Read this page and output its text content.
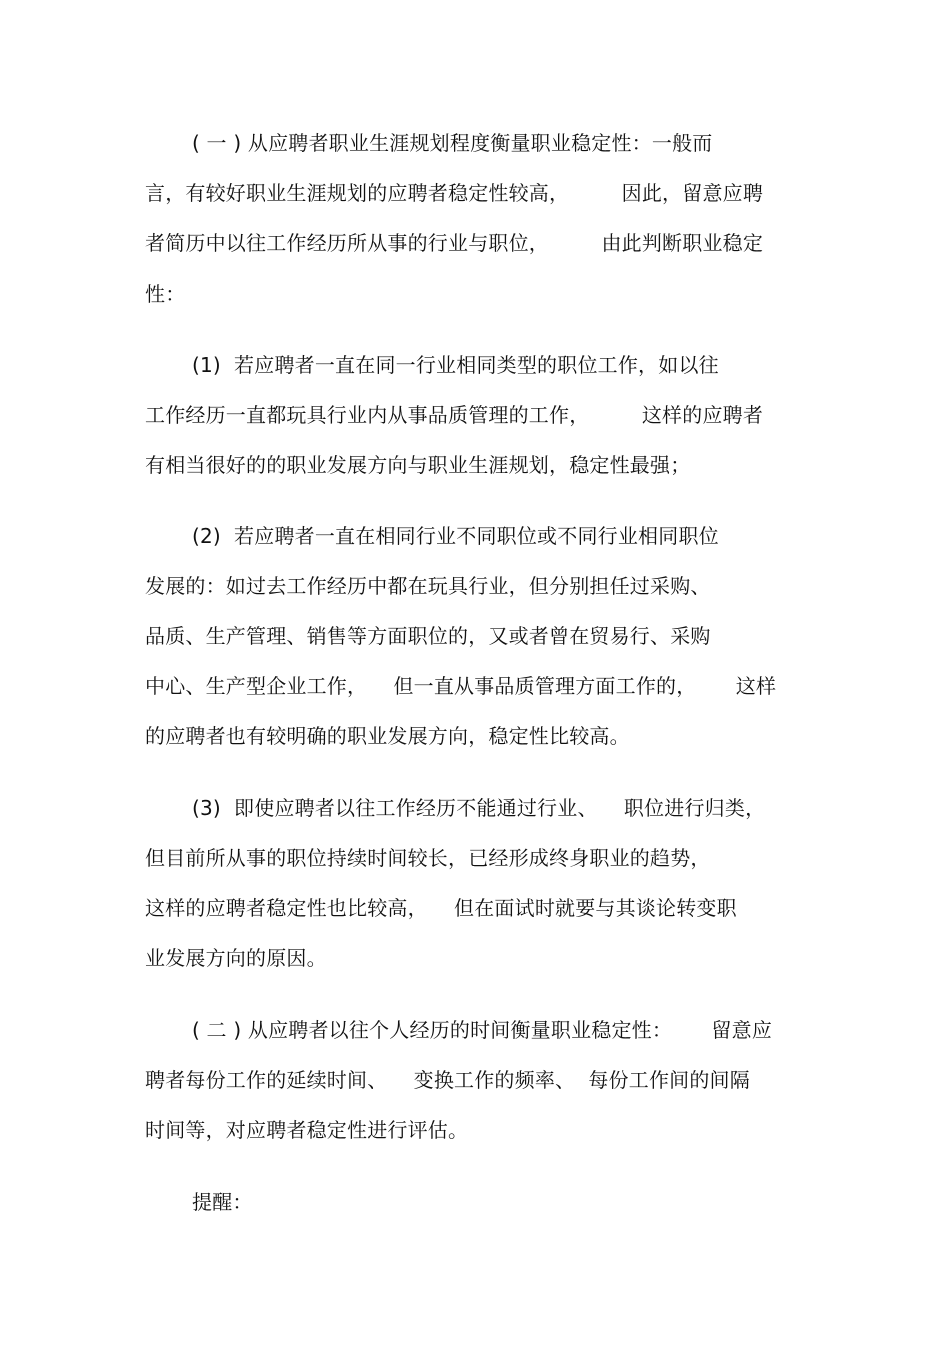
( 一 ) 从应聘者职业生涯规划程度衡量职业稳定性：一般而
言，有较好职业生涯规划的应聘者稳定性较高，        因此，留意应聘
者简历中以往工作经历所从事的行业与职位，        由此判断职业稳定
性：
(1)  若应聘者一直在同一行业相同类型的职位工作，如以往
工作经历一直都玩具行业内从事品质管理的工作，        这样的应聘者
有相当很好的的职业发展方向与职业生涯规划，稳定性最强；
(2)  若应聘者一直在相同行业不同职位或不同行业相同职位
发展的：如过去工作经历中都在玩具行业，但分别担任过采购、
品质、生产管理、销售等方面职位的，又或者曾在贸易行、采购
中心、生产型企业工作，    但一直从事品质管理方面工作的，      这样
的应聘者也有较明确的职业发展方向，稳定性比较高。
(3)  即使应聘者以往工作经历不能通过行业、    职位进行归类，
但目前所从事的职位持续时间较长，已经形成终身职业的趋势，
这样的应聘者稳定性也比较高，    但在面试时就要与其谈论转变职
业发展方向的原因。
( 二 ) 从应聘者以往个人经历的时间衡量职业稳定性：      留意应
聘者每份工作的延续时间、    变换工作的频率、  每份工作间的间隔
时间等，对应聘者稳定性进行评估。
提醒：
